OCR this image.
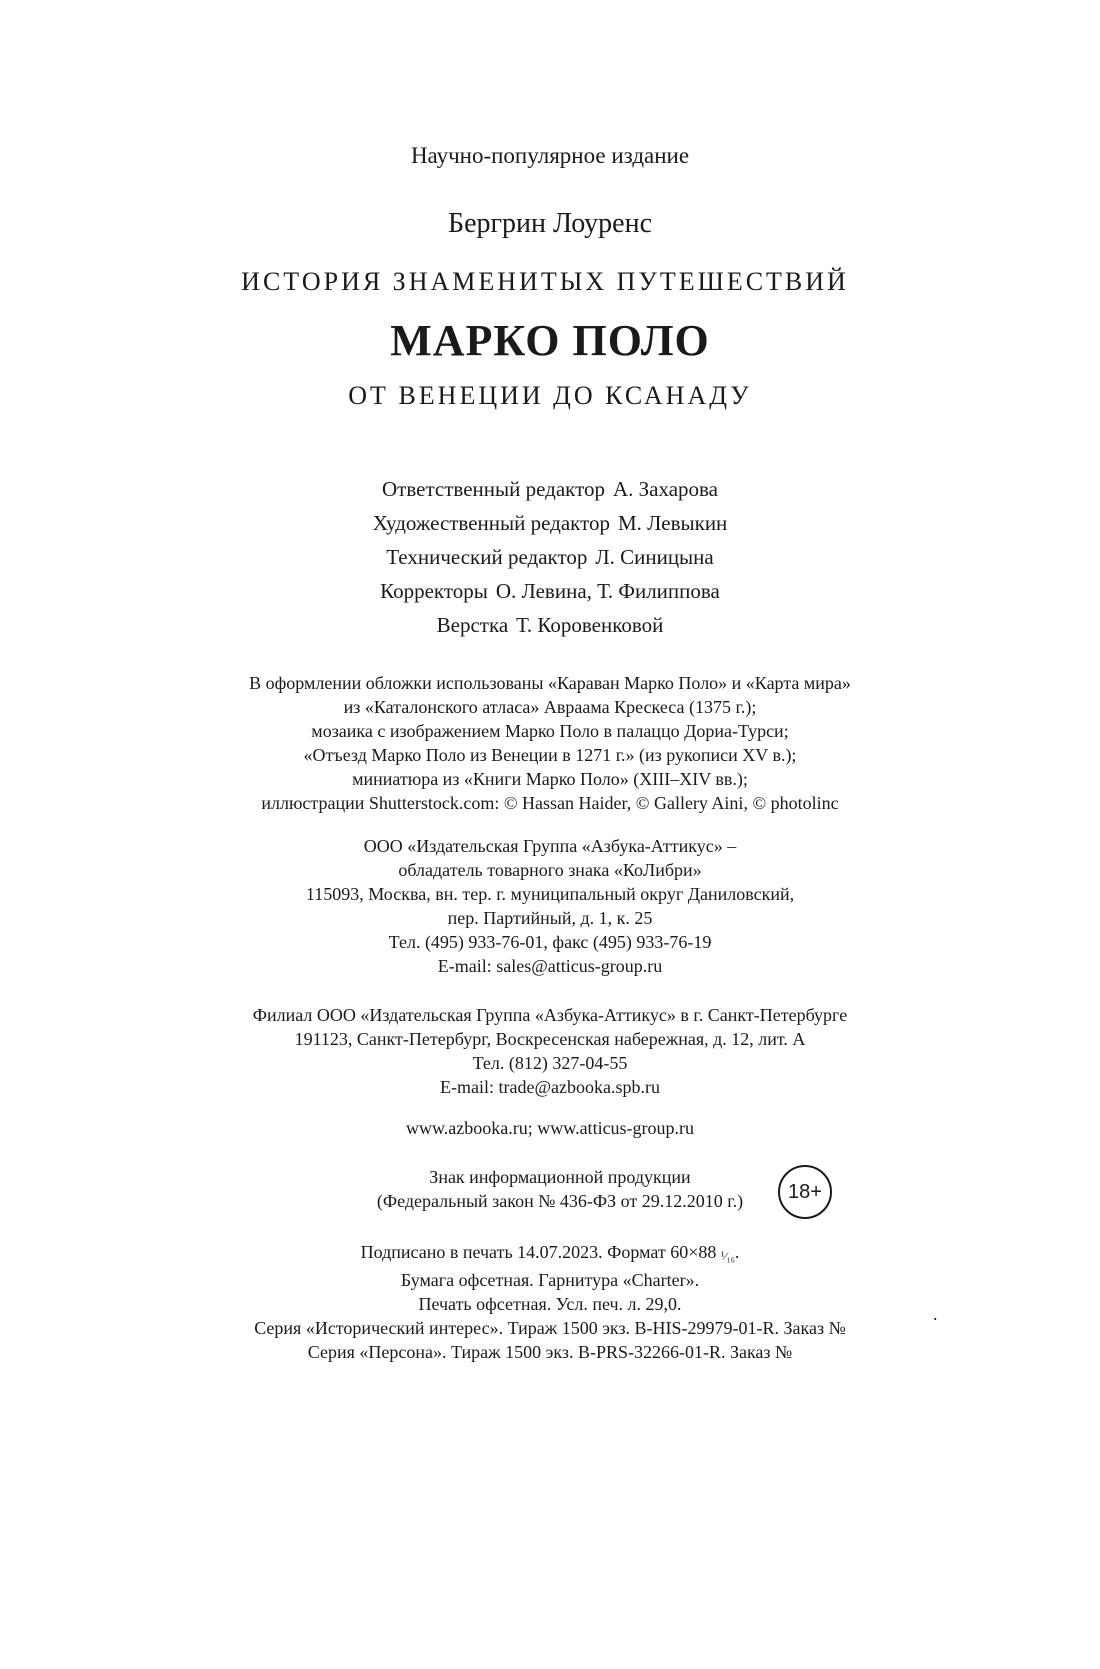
Научно-популярное издание

Бергрин Лоуренс

ИСТОРИЯ ЗНАМЕНИТЫХ ПУТЕШЕСТВИЙ

МАРКО ПОЛО

ОТ ВЕНЕЦИИ ДО КСАНАДУ

Ответственный редактор А. Захарова
Художественный редактор М. Левыкин
Технический редактор Л. Синицына
Корректоры О. Левина, Т. Филиппова
Верстка Т. Коровенковой
В оформлении обложки использованы «Караван Марко Поло» и «Карта мира»
из «Каталонского атласа» Авраама Крескеса (1375 г.);
мозаика с изображением Марко Поло в палаццо Дориа-Турси;
«Отъезд Марко Поло из Венеции в 1271 г.» (из рукописи XV в.);
миниатюра из «Книги Марко Поло» (XIII–XIV вв.);
иллюстрации Shutterstock.com: © Hassan Haider, © Gallery Aini, © photolinc
ООО «Издательская Группа «Азбука-Аттикус» –
обладатель товарного знака «КоЛибри»
115093, Москва, вн. тер. г. муниципальный округ Даниловский,
пер. Партийный, д. 1, к. 25
Тел. (495) 933-76-01, факс (495) 933-76-19
E-mail: sales@atticus-group.ru
Филиал ООО «Издательская Группа «Азбука-Аттикус» в г. Санкт-Петербурге
191123, Санкт-Петербург, Воскресенская набережная, д. 12, лит. А
Тел. (812) 327-04-55
E-mail: trade@azbooka.spb.ru

www.azbooka.ru; www.atticus-group.ru

Знак информационной продукции
(Федеральный закон № 436-ФЗ от 29.12.2010 г.)	18+
Подписано в печать 14.07.2023. Формат 60×88 ¹⁄₁₆.
Бумага офсетная. Гарнитура «Charter».
Печать офсетная. Усл. печ. л. 29,0.
Серия «Исторический интерес». Тираж 1500 экз. B-HIS-29979-01-R. Заказ №
Серия «Персона». Тираж 1500 экз. B-PRS-32266-01-R. Заказ №
.
